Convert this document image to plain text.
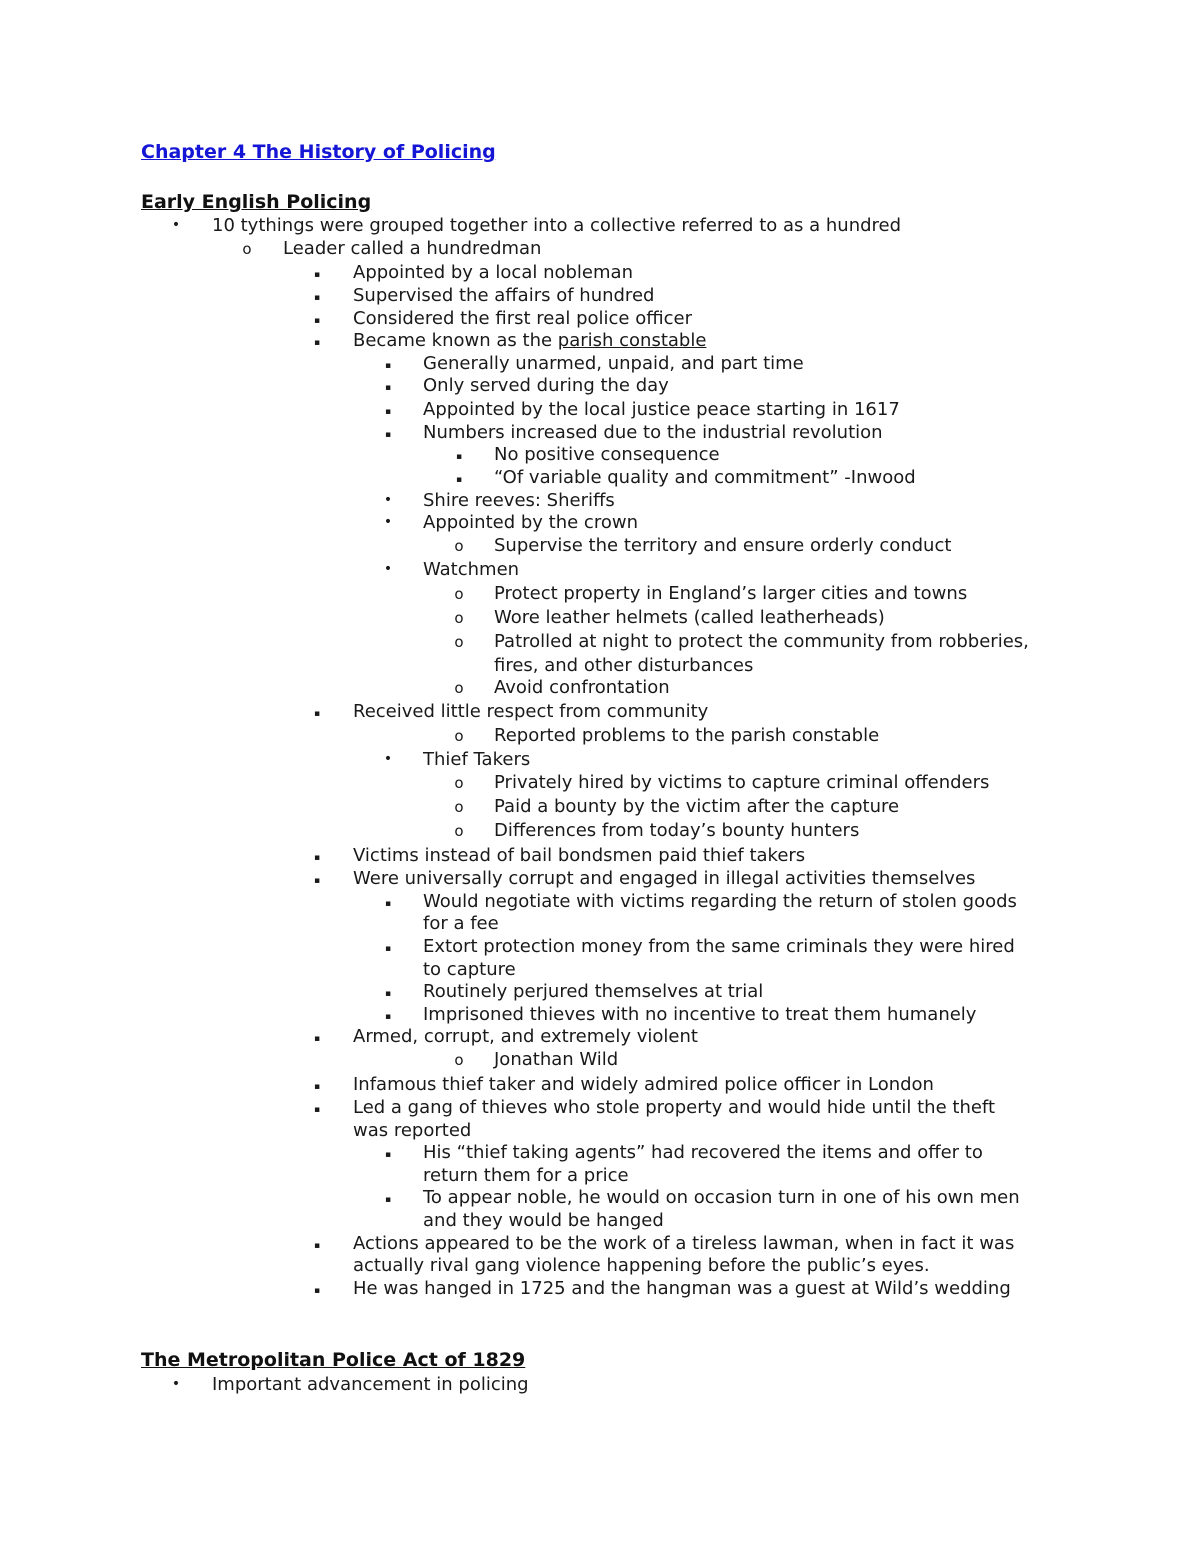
Chapter 4 The History of Policing
Early English Policing
• 10 tythings were grouped together into a collective referred to as a hundred
o Leader called a hundredman
▪ Appointed by a local nobleman
▪ Supervised the affairs of hundred
▪ Considered the first real police officer
▪ Became known as the parish constable
▪ Generally unarmed, unpaid, and part time
▪ Only served during the day
▪ Appointed by the local justice peace starting in 1617
▪ Numbers increased due to the industrial revolution
▪ No positive consequence
▪ “Of variable quality and commitment” -Inwood
• Shire reeves: Sheriffs
• Appointed by the crown
o Supervise the territory and ensure orderly conduct
• Watchmen
o Protect property in England’s larger cities and towns
o Wore leather helmets (called leatherheads)
o Patrolled at night to protect the community from robberies,
fires, and other disturbances
o Avoid confrontation
▪ Received little respect from community
o Reported problems to the parish constable
• Thief Takers
o Privately hired by victims to capture criminal offenders
o Paid a bounty by the victim after the capture
o Differences from today’s bounty hunters
▪ Victims instead of bail bondsmen paid thief takers
▪ Were universally corrupt and engaged in illegal activities themselves
▪ Would negotiate with victims regarding the return of stolen goods
for a fee
▪ Extort protection money from the same criminals they were hired
to capture
▪ Routinely perjured themselves at trial
▪ Imprisoned thieves with no incentive to treat them humanely
▪ Armed, corrupt, and extremely violent
o Jonathan Wild
▪ Infamous thief taker and widely admired police officer in London
▪ Led a gang of thieves who stole property and would hide until the theft
was reported
▪ His “thief taking agents” had recovered the items and offer to
return them for a price
▪ To appear noble, he would on occasion turn in one of his own men
and they would be hanged
▪ Actions appeared to be the work of a tireless lawman, when in fact it was
actually rival gang violence happening before the public’s eyes.
▪ He was hanged in 1725 and the hangman was a guest at Wild’s wedding
The Metropolitan Police Act of 1829
• Important advancement in policing
